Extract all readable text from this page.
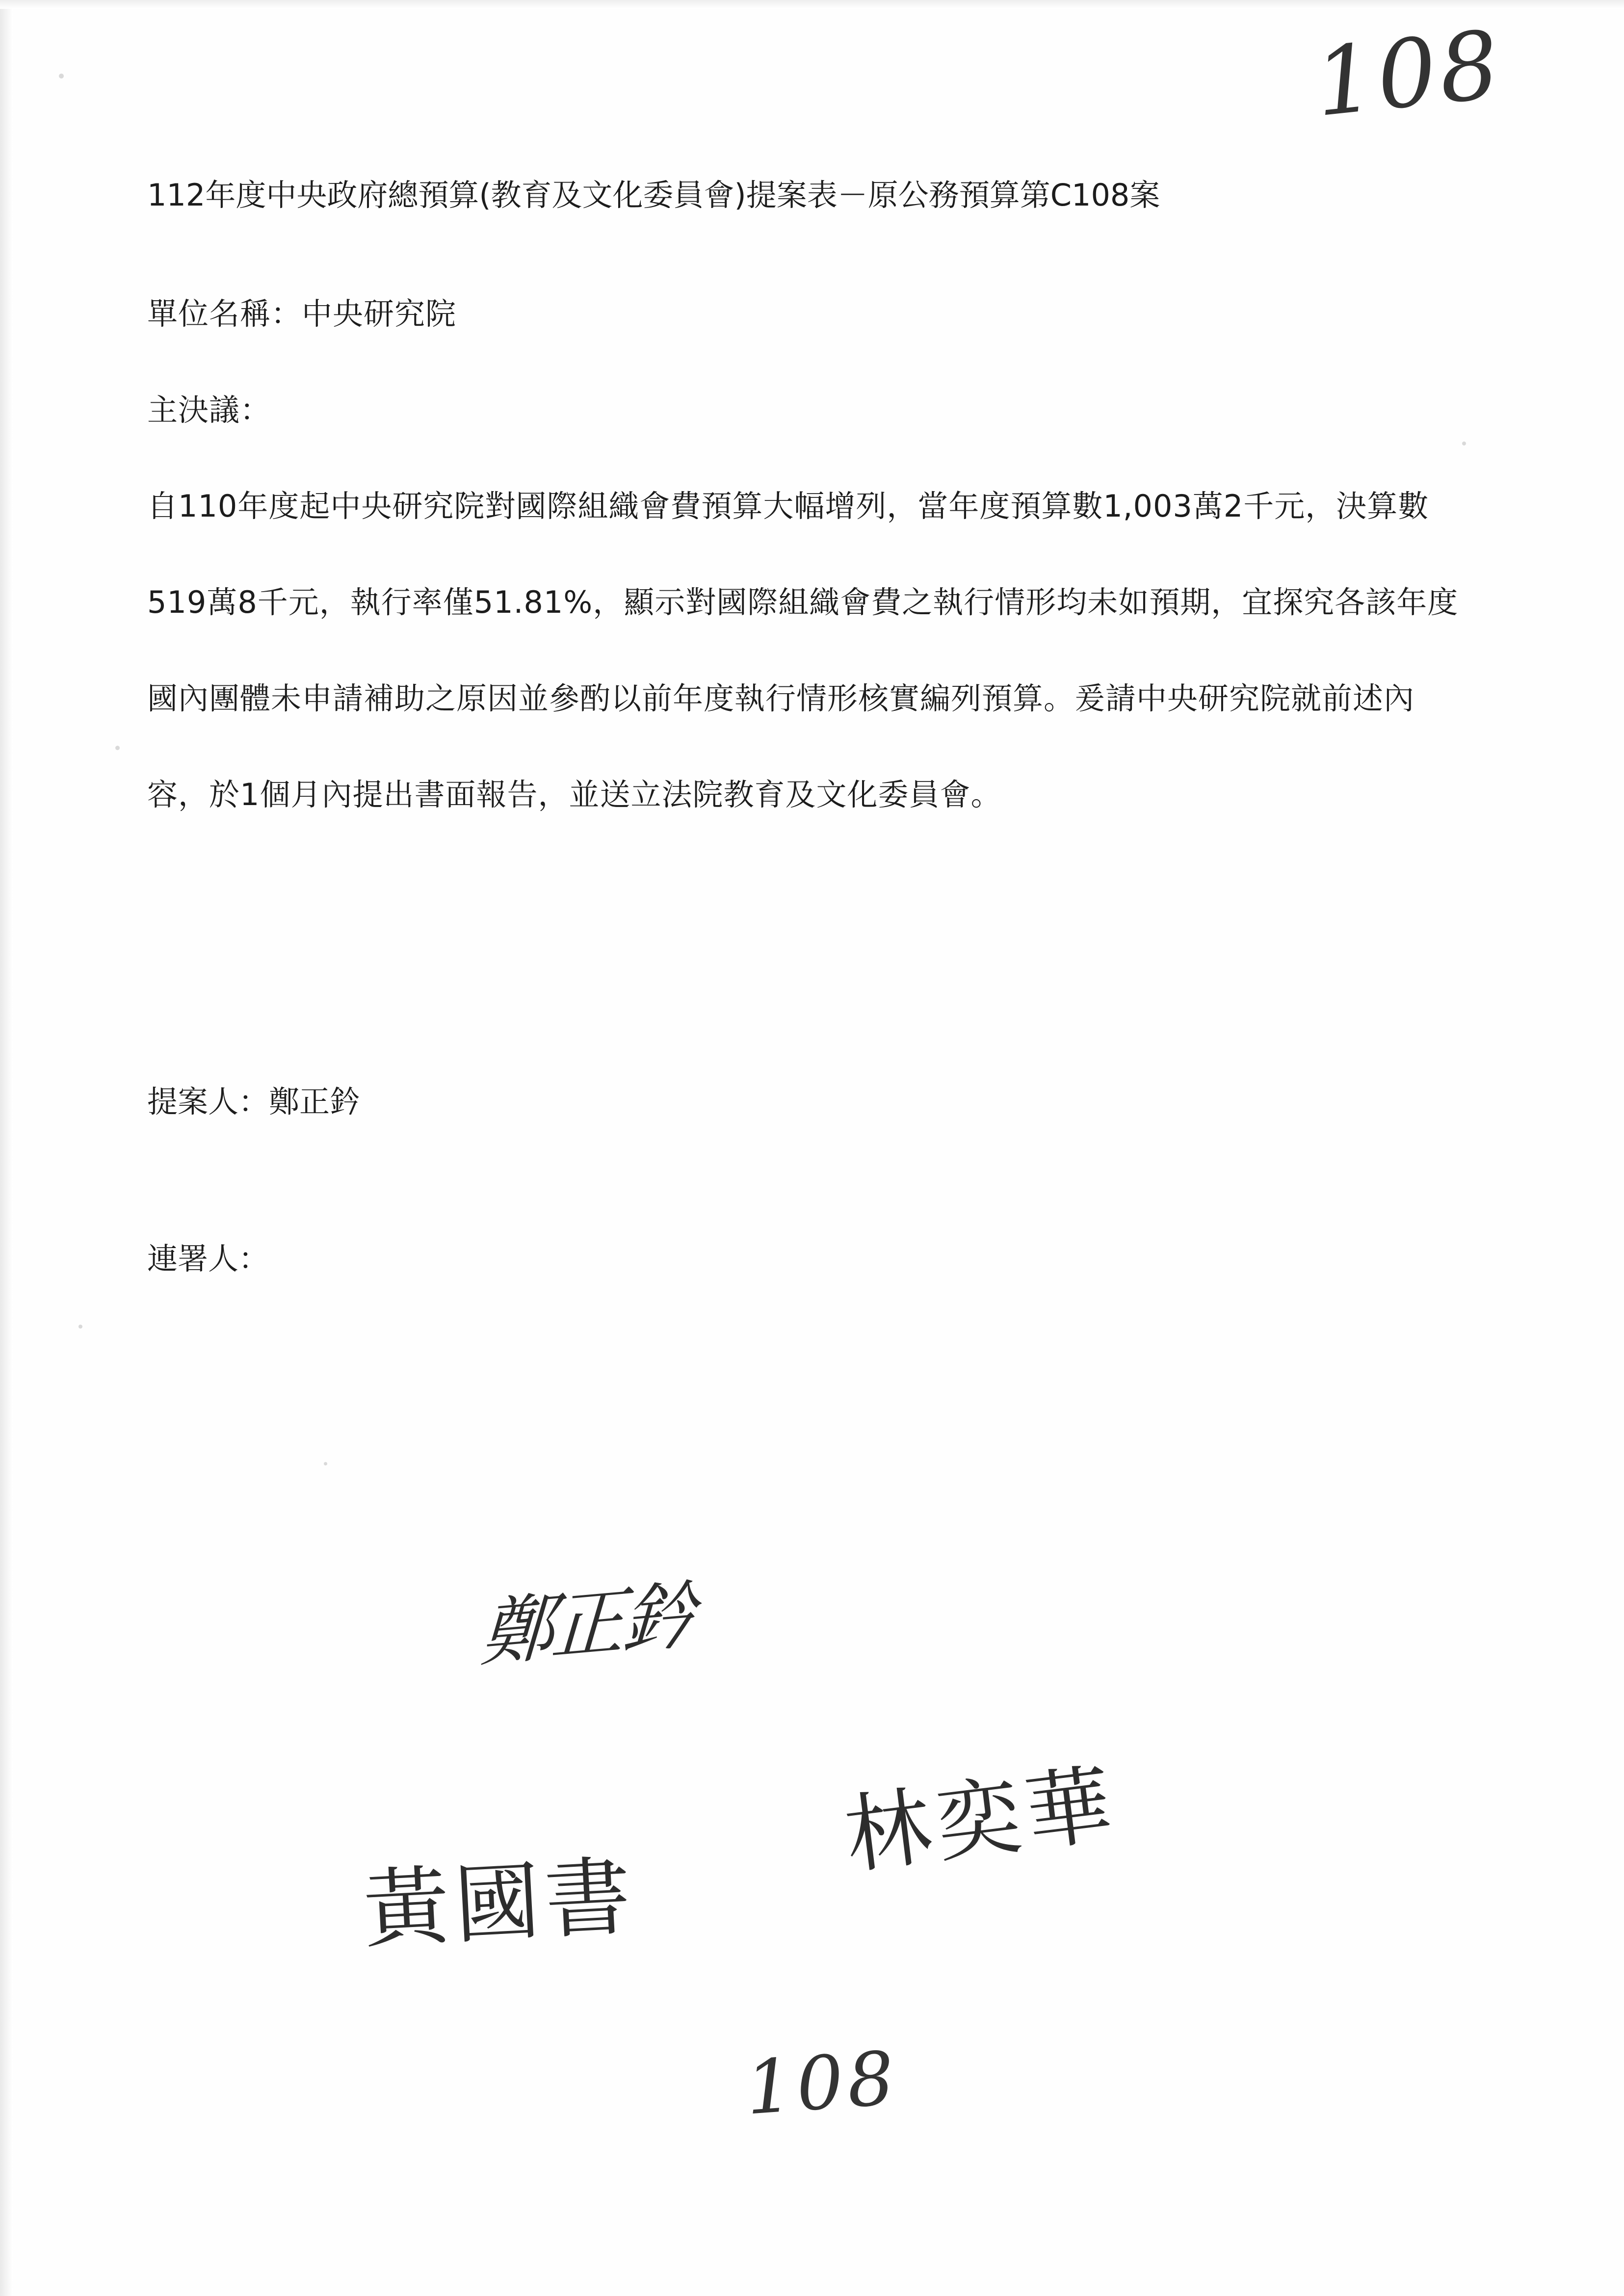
112年度中央政府總預算(教育及文化委員會)提案表－原公務預算第C108案
單位名稱：中央研究院
主決議：
自110年度起中央研究院對國際組織會費預算大幅增列，當年度預算數1,003萬2千元，決算數519萬8千元，執行率僅51.81%，顯示對國際組織會費之執行情形均未如預期，宜探究各該年度國內團體未申請補助之原因並參酌以前年度執行情形核實編列預算。爰請中央研究院就前述內容，於1個月內提出書面報告，並送立法院教育及文化委員會。
提案人：鄭正鈐
連署人：
108
鄭正鈐
黃國書
林奕華
108
